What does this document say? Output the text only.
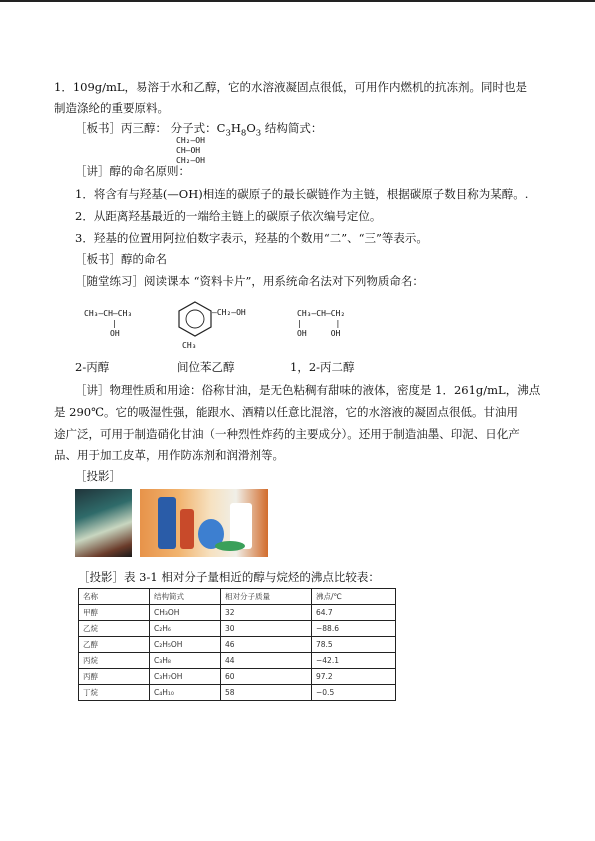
1．109g/mL，易溶于水和乙醇，它的水溶液凝固点很低，可用作内燃机的抗冻剂。同时也是
制造涤纶的重要原料。
［板书］丙三醇： 分子式：$C_3H_8O_3$ 结构简式：
CH₂—OH
CH—OH
CH₂—OH
［讲］醇的命名原则：
1．将含有与羟基(—OH)相连的碳原子的最长碳链作为主链，根据碳原子数目称为某醇。.
2．从距离羟基最近的一端给主链上的碳原子依次编号定位。
3．羟基的位置用阿拉伯数字表示，羟基的个数用“二”、“三”等表示。
［板书］醇的命名
［随堂练习］阅读课本 “资料卡片”，用系统命名法对下列物质命名：
CH₃—CH—CH₃
|
OH
—CH₂—OH
CH₃
CH₃—CH—CH₂
|       |
OH	OH
2-丙醇	间位苯乙醇	1，2-丙二醇
［讲］物理性质和用途：俗称甘油，是无色粘稠有甜味的液体，密度是 1．261g/mL，沸点
是 290℃。它的吸湿性强，能跟水、酒精以任意比混溶，它的水溶液的凝固点很低。甘油用
途广泛，可用于制造硝化甘油（一种烈性炸药的主要成分）。还用于制造油墨、印泥、日化产
品、用于加工皮革，用作防冻剂和润滑剂等。
［投影］
［投影］表 3-1 相对分子量相近的醇与烷烃的沸点比较表：
名称	结构简式	相对分子质量	沸点/℃
甲醇	CH₃OH	32	64.7
乙烷	C₂H₆	30	−88.6
乙醇	C₂H₅OH	46	78.5
丙烷	C₃H₈	44	−42.1
丙醇	C₃H₇OH	60	97.2
丁烷	C₄H₁₀	58	−0.5
